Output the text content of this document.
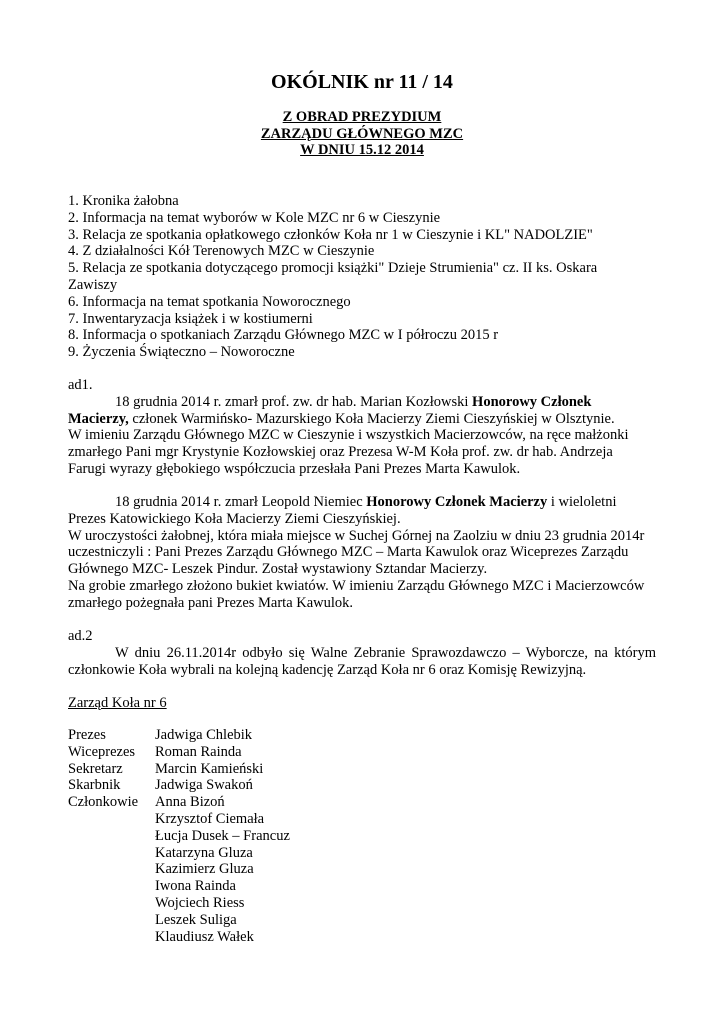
OKÓLNIK nr 11 / 14
Z OBRAD PREZYDIUM
ZARZĄDU GŁÓWNEGO MZC
W DNIU 15.12 2014
1. Kronika żałobna
2. Informacja na temat wyborów w Kole MZC nr 6 w Cieszynie
3. Relacja ze spotkania opłatkowego członków Koła nr 1 w Cieszynie i KL" NADOLZIE"
4. Z działalności Kół Terenowych MZC w Cieszynie
5. Relacja ze spotkania dotyczącego promocji książki" Dzieje Strumienia" cz. II ks. Oskara
Zawiszy
6. Informacja na temat spotkania Noworocznego
7. Inwentaryzacja książek i w kostiumerni
8. Informacja o spotkaniach Zarządu Głównego MZC w I półroczu 2015 r
9. Życzenia Świąteczno – Noworoczne
ad1.
18 grudnia 2014 r. zmarł prof. zw. dr hab. Marian Kozłowski Honorowy Członek
Macierzy, członek Warmińsko- Mazurskiego Koła Macierzy Ziemi Cieszyńskiej w Olsztynie.
W imieniu Zarządu Głównego MZC w Cieszynie i wszystkich Macierzowców, na ręce małżonki
zmarłego Pani mgr Krystynie Kozłowskiej oraz Prezesa W-M Koła prof. zw. dr hab. Andrzeja
Farugi wyrazy głębokiego współczucia przesłała Pani Prezes Marta Kawulok.
18 grudnia 2014 r. zmarł Leopold Niemiec Honorowy Członek Macierzy i wieloletni
Prezes Katowickiego Koła Macierzy Ziemi Cieszyńskiej.
W uroczystości żałobnej, która miała miejsce w Suchej Górnej na Zaolziu w dniu 23 grudnia 2014r
uczestniczyli : Pani Prezes Zarządu Głównego MZC – Marta Kawulok oraz Wiceprezes Zarządu
Głównego MZC- Leszek Pindur. Został wystawiony Sztandar Macierzy.
Na grobie zmarłego złożono bukiet kwiatów. W imieniu Zarządu Głównego MZC i Macierzowców
zmarłego pożegnała pani Prezes Marta Kawulok.
ad.2
W dniu 26.11.2014r odbyło się Walne Zebranie Sprawozdawczo – Wyborcze, na którym członkowie Koła wybrali na kolejną kadencję Zarząd Koła nr 6 oraz Komisję Rewizyjną.
Zarząd Koła nr 6
Prezes	Jadwiga Chlebik
Wiceprezes	Roman Rainda
Sekretarz	Marcin Kamieński
Skarbnik	Jadwiga Swakoń
Członkowie	Anna Bizoń
Krzysztof Ciemała
Łucja Dusek – Francuz
Katarzyna Gluza
Kazimierz Gluza
Iwona Rainda
Wojciech Riess
Leszek Suliga
Klaudiusz Wałek
